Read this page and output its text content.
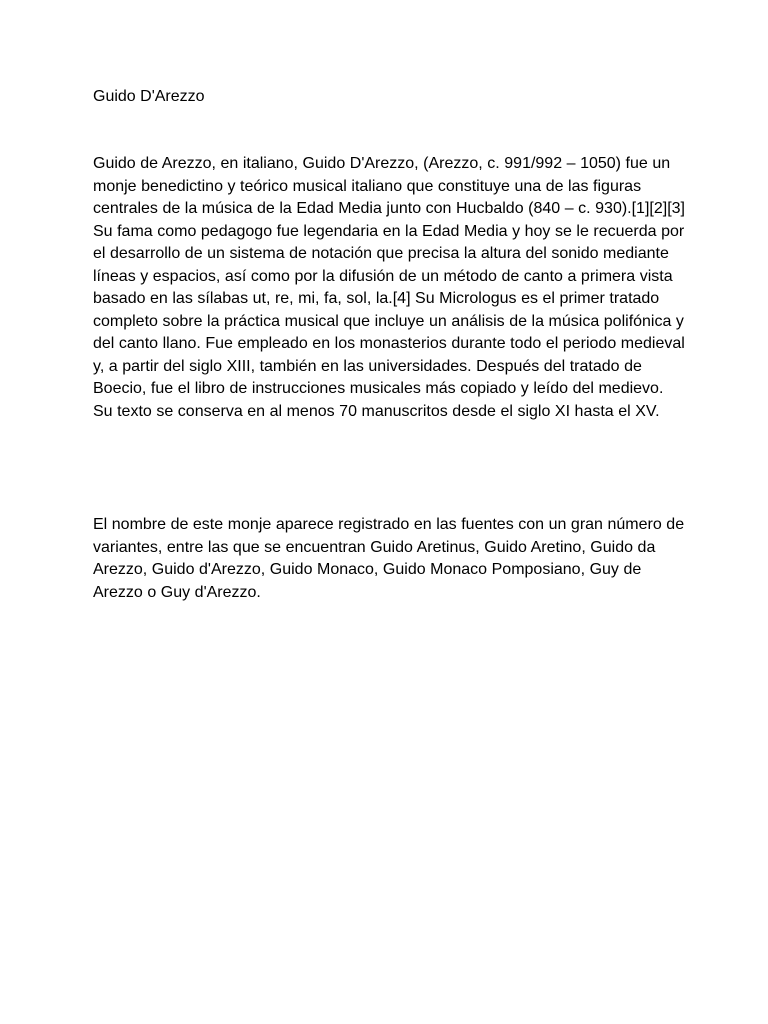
Guido D'Arezzo

Guido de Arezzo, en italiano, Guido D'Arezzo, (Arezzo, c. 991/992 – 1050) fue un monje benedictino y teórico musical italiano que constituye una de las figuras centrales de la música de la Edad Media junto con Hucbaldo (840 – c. 930).[1][2][3] Su fama como pedagogo fue legendaria en la Edad Media y hoy se le recuerda por el desarrollo de un sistema de notación que precisa la altura del sonido mediante líneas y espacios, así como por la difusión de un método de canto a primera vista basado en las sílabas ut, re, mi, fa, sol, la.[4] Su Micrologus es el primer tratado completo sobre la práctica musical que incluye un análisis de la música polifónica y del canto llano. Fue empleado en los monasterios durante todo el periodo medieval y, a partir del siglo XIII, también en las universidades. Después del tratado de Boecio, fue el libro de instrucciones musicales más copiado y leído del medievo. Su texto se conserva en al menos 70 manuscritos desde el siglo XI hasta el XV.

El nombre de este monje aparece registrado en las fuentes con un gran número de variantes, entre las que se encuentran Guido Aretinus, Guido Aretino, Guido da Arezzo, Guido d'Arezzo, Guido Monaco, Guido Monaco Pomposiano, Guy de Arezzo o Guy d'Arezzo.
